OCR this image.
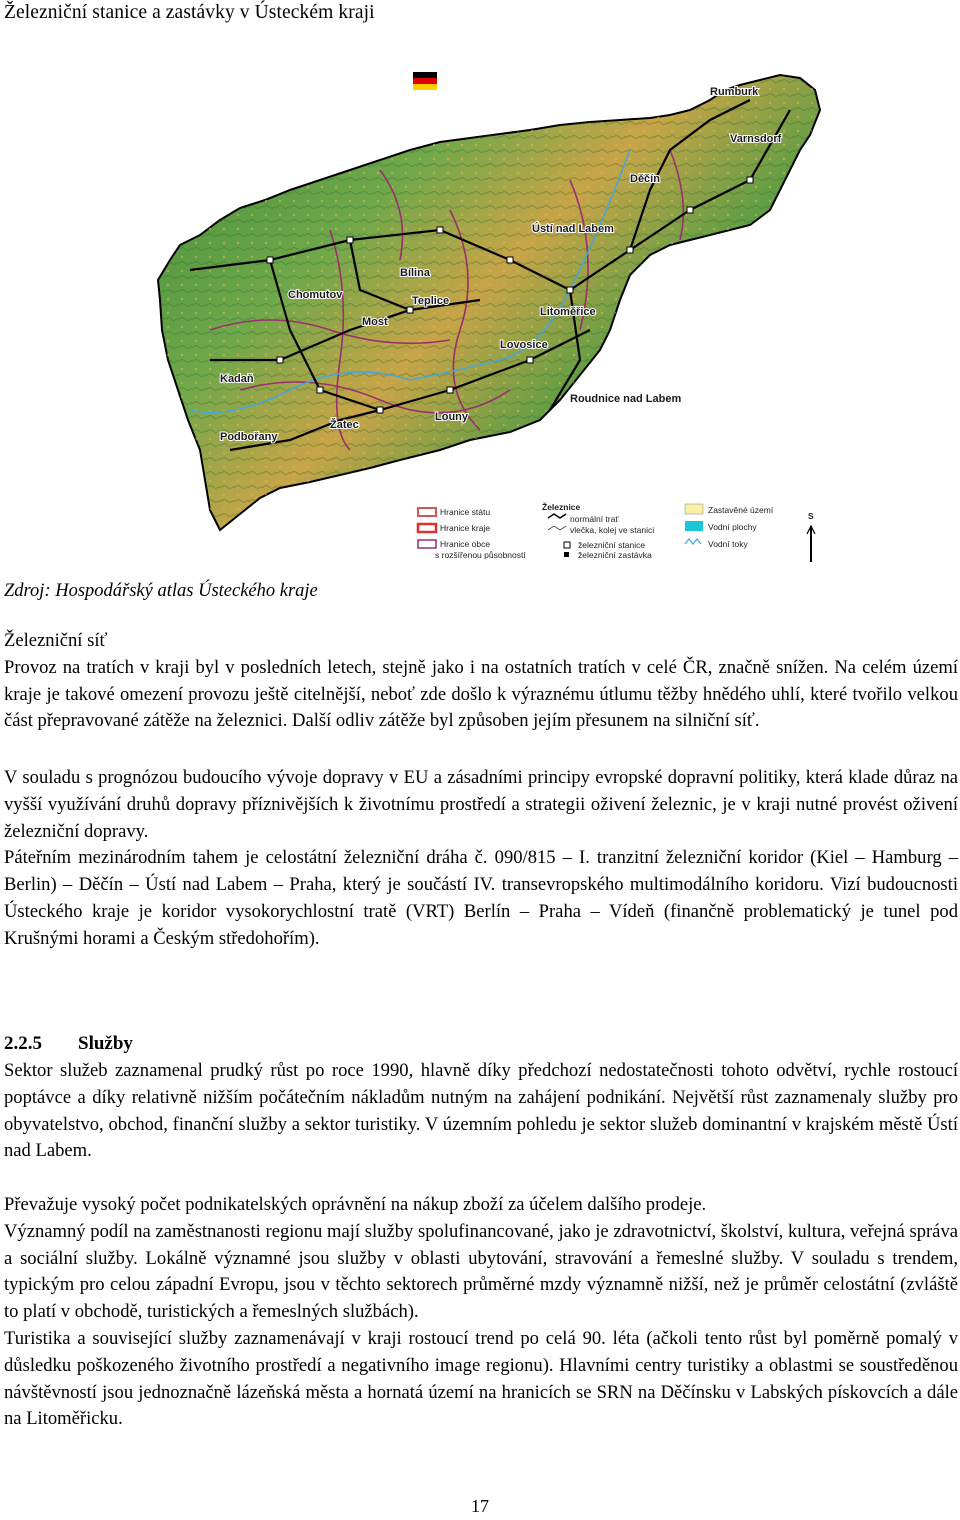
Železniční stanice a zastávky v Ústeckém kraji
Rumburk
Varnsdorf
Děčín
Ústí nad Labem
Bílina
Teplice
Chomutov
Most
Litoměřice
Lovosice
Kadaň
Žatec
Louny
Roudnice nad Labem
Podbořany
Hranice státu
Hranice kraje
Hranice obce
s rozšířenou působností
Železnice
normální trať
vlečka, kolej ve stanici
železniční stanice
železniční zastávka
Zastavěné území
Vodní plochy
Vodní toky
S
Zdroj: Hospodářský atlas Ústeckého kraje

Železniční síť

Provoz na tratích v kraji byl v posledních letech, stejně jako i na ostatních tratích v celé ČR, značně snížen. Na celém území kraje je takové omezení provozu ještě citelnější, neboť zde došlo k výraznému útlumu těžby hnědého uhlí, které tvořilo velkou část přepravované zátěže na železnici. Další odliv zátěže byl způsoben jejím přesunem na silniční síť.

V souladu s prognózou budoucího vývoje dopravy v EU a zásadními principy evropské dopravní politiky, která klade důraz na vyšší využívání druhů dopravy příznivějších k životnímu prostředí a strategii oživení železnic, je v kraji nutné provést oživení železniční dopravy.

Páteřním mezinárodním tahem je celostátní železniční dráha č. 090/815 – I. tranzitní železniční koridor (Kiel – Hamburg – Berlin) – Děčín – Ústí nad Labem – Praha, který je součástí IV. transevropského multimodálního koridoru. Vizí budoucnosti Ústeckého kraje je koridor vysokorychlostní tratě (VRT) Berlín – Praha – Vídeň (finančně problematický je tunel pod Krušnými horami a Českým středohořím).

2.2.5 Služby

Sektor služeb zaznamenal prudký růst po roce 1990, hlavně díky předchozí nedostatečnosti tohoto odvětví, rychle rostoucí poptávce a díky relativně nižším počátečním nákladům nutným na zahájení podnikání. Největší růst zaznamenaly služby pro obyvatelstvo, obchod, finanční služby a sektor turistiky. V územním pohledu je sektor služeb dominantní v krajském městě Ústí nad Labem.

Převažuje vysoký počet podnikatelských oprávnění na nákup zboží za účelem dalšího prodeje.

Významný podíl na zaměstnanosti regionu mají služby spolufinancované, jako je zdravotnictví, školství, kultura, veřejná správa a sociální služby. Lokálně významné jsou služby v oblasti ubytování, stravování a řemeslné služby. V souladu s trendem, typickým pro celou západní Evropu, jsou v těchto sektorech průměrné mzdy významně nižší, než je průměr celostátní (zvláště to platí v obchodě, turistických a řemeslných službách).

Turistika a související služby zaznamenávají v kraji rostoucí trend po celá 90. léta (ačkoli tento růst byl poměrně pomalý v důsledku poškozeného životního prostředí a negativního image regionu). Hlavními centry turistiky a oblastmi se soustředěnou návštěvností jsou jednoznačně lázeňská města a hornatá území na hranicích se SRN na Děčínsku v Labských pískovcích a dále na Litoměřicku.

17
